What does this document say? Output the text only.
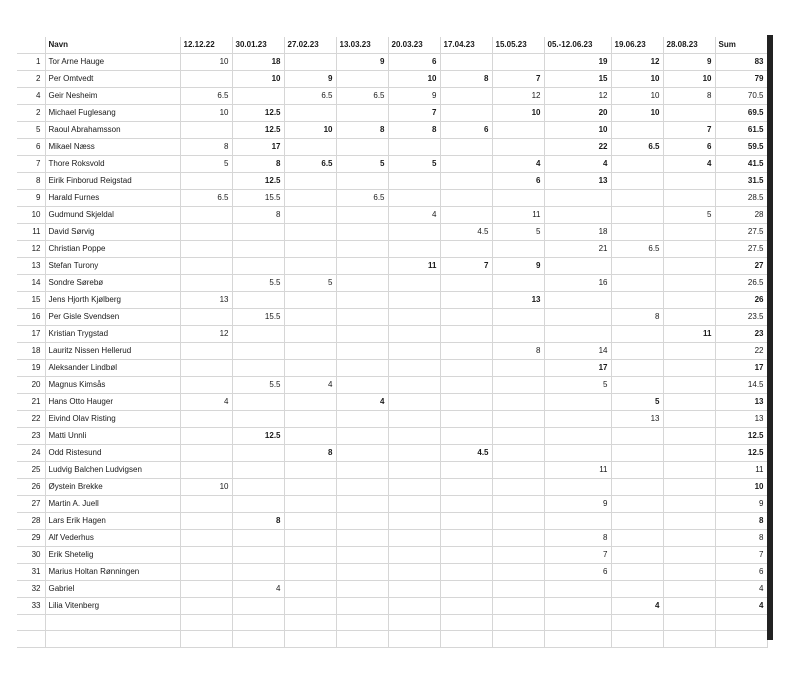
	Navn	12.12.22	30.01.23	27.02.23	13.03.23	20.03.23	17.04.23	15.05.23	05.-12.06.23	19.06.23	28.08.23	Sum
1	Tor Arne Hauge	10	18		9	6			19	12	9	83
2	Per Omtvedt		10	9		10	8	7	15	10	10	79
4	Geir Nesheim	6.5		6.5	6.5	9		12	12	10	8	70.5
2	Michael Fuglesang	10	12.5			7		10	20	10		69.5
5	Raoul Abrahamsson		12.5	10	8	8	6		10		7	61.5
6	Mikael Næss	8	17						22	6.5	6	59.5
7	Thore Roksvold	5	8	6.5	5	5		4	4		4	41.5
8	Eirik Finborud Reigstad		12.5					6	13			31.5
9	Harald Furnes	6.5	15.5		6.5							28.5
10	Gudmund Skjeldal		8			4		11			5	28
11	David Sørvig						4.5	5	18			27.5
12	Christian Poppe								21	6.5		27.5
13	Stefan Turony					11	7	9				27
14	Sondre Sørebø		5.5	5					16			26.5
15	Jens Hjorth Kjølberg	13						13				26
16	Per Gisle Svendsen		15.5							8		23.5
17	Kristian Trygstad	12									11	23
18	Lauritz Nissen Hellerud							8	14			22
19	Aleksander Lindbøl								17			17
20	Magnus Kimsås		5.5	4					5			14.5
21	Hans Otto Hauger	4			4					5		13
22	Eivind Olav Risting									13		13
23	Matti Unnli		12.5									12.5
24	Odd Ristesund			8			4.5					12.5
25	Ludvig Balchen Ludvigsen								11			11
26	Øystein Brekke	10										10
27	Martin A. Juell								9			9
28	Lars Erik Hagen		8									8
29	Alf Vederhus								8			8
30	Erik Shetelig								7			7
31	Marius Holtan Rønningen								6			6
32	Gabriel		4									4
33	Lilia Vitenberg									4		4
